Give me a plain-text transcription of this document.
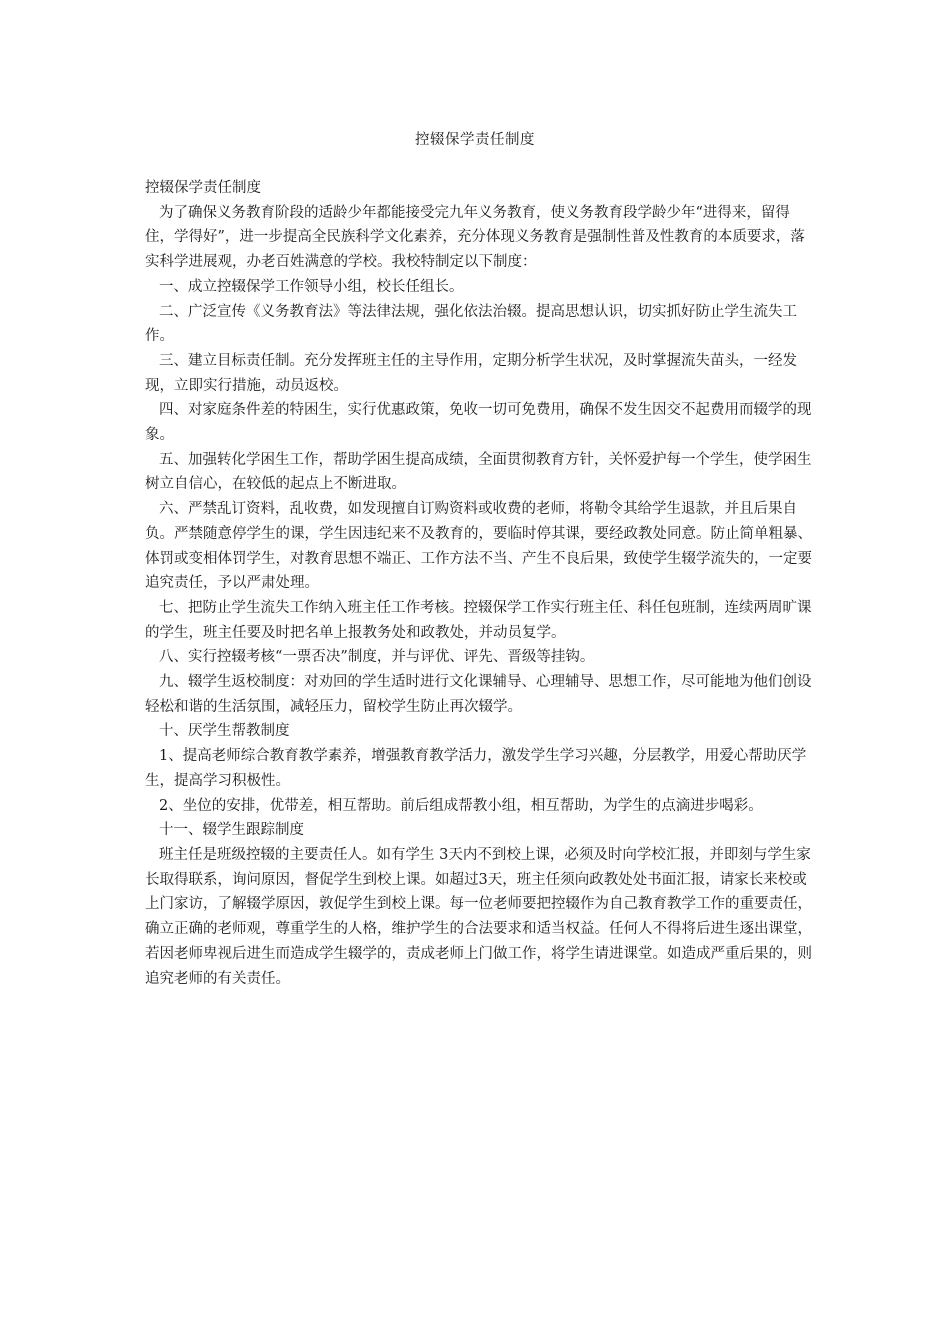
控辍保学责任制度

控辍保学责任制度

为了确保义务教育阶段的适龄少年都能接受完九年义务教育，使义务教育段学龄少年“进得来，留得住，学得好”，进一步提高全民族科学文化素养，充分体现义务教育是强制性普及性教育的本质要求，落实科学进展观，办老百姓满意的学校。我校特制定以下制度：

一、成立控辍保学工作领导小组，校长任组长。

二、广泛宣传《义务教育法》等法律法规，强化依法治辍。提高思想认识，切实抓好防止学生流失工作。

三、建立目标责任制。充分发挥班主任的主导作用，定期分析学生状况，及时掌握流失苗头，一经发现，立即实行措施，动员返校。

四、对家庭条件差的特困生，实行优惠政策，免收一切可免费用，确保不发生因交不起费用而辍学的现象。

五、加强转化学困生工作，帮助学困生提高成绩，全面贯彻教育方针，关怀爱护每一个学生，使学困生树立自信心，在较低的起点上不断进取。

六、严禁乱订资料，乱收费，如发现擅自订购资料或收费的老师，将勒令其给学生退款，并且后果自负。严禁随意停学生的课，学生因违纪来不及教育的，要临时停其课，要经政教处同意。防止简单粗暴、体罚或变相体罚学生，对教育思想不端正、工作方法不当、产生不良后果，致使学生辍学流失的，一定要追究责任，予以严肃处理。

七、把防止学生流失工作纳入班主任工作考核。控辍保学工作实行班主任、科任包班制，连续两周旷课的学生，班主任要及时把名单上报教务处和政教处，并动员复学。

八、实行控辍考核“一票否决”制度，并与评优、评先、晋级等挂钩。

九、辍学生返校制度：对劝回的学生适时进行文化课辅导、心理辅导、思想工作，尽可能地为他们创设轻松和谐的生活氛围，减轻压力，留校学生防止再次辍学。

十、厌学生帮教制度

1、提高老师综合教育教学素养，增强教育教学活力，激发学生学习兴趣，分层教学，用爱心帮助厌学生，提高学习积极性。

2、坐位的安排，优带差，相互帮助。前后组成帮教小组，相互帮助，为学生的点滴进步喝彩。

十一、辍学生跟踪制度

班主任是班级控辍的主要责任人。如有学生 3天内不到校上课，必须及时向学校汇报，并即刻与学生家长取得联系，询问原因，督促学生到校上课。如超过3天，班主任须向政教处处书面汇报，请家长来校或上门家访，了解辍学原因，敦促学生到校上课。每一位老师要把控辍作为自己教育教学工作的重要责任，确立正确的老师观，尊重学生的人格，维护学生的合法要求和适当权益。任何人不得将后进生逐出课堂，若因老师卑视后进生而造成学生辍学的，责成老师上门做工作，将学生请进课堂。如造成严重后果的，则追究老师的有关责任。
